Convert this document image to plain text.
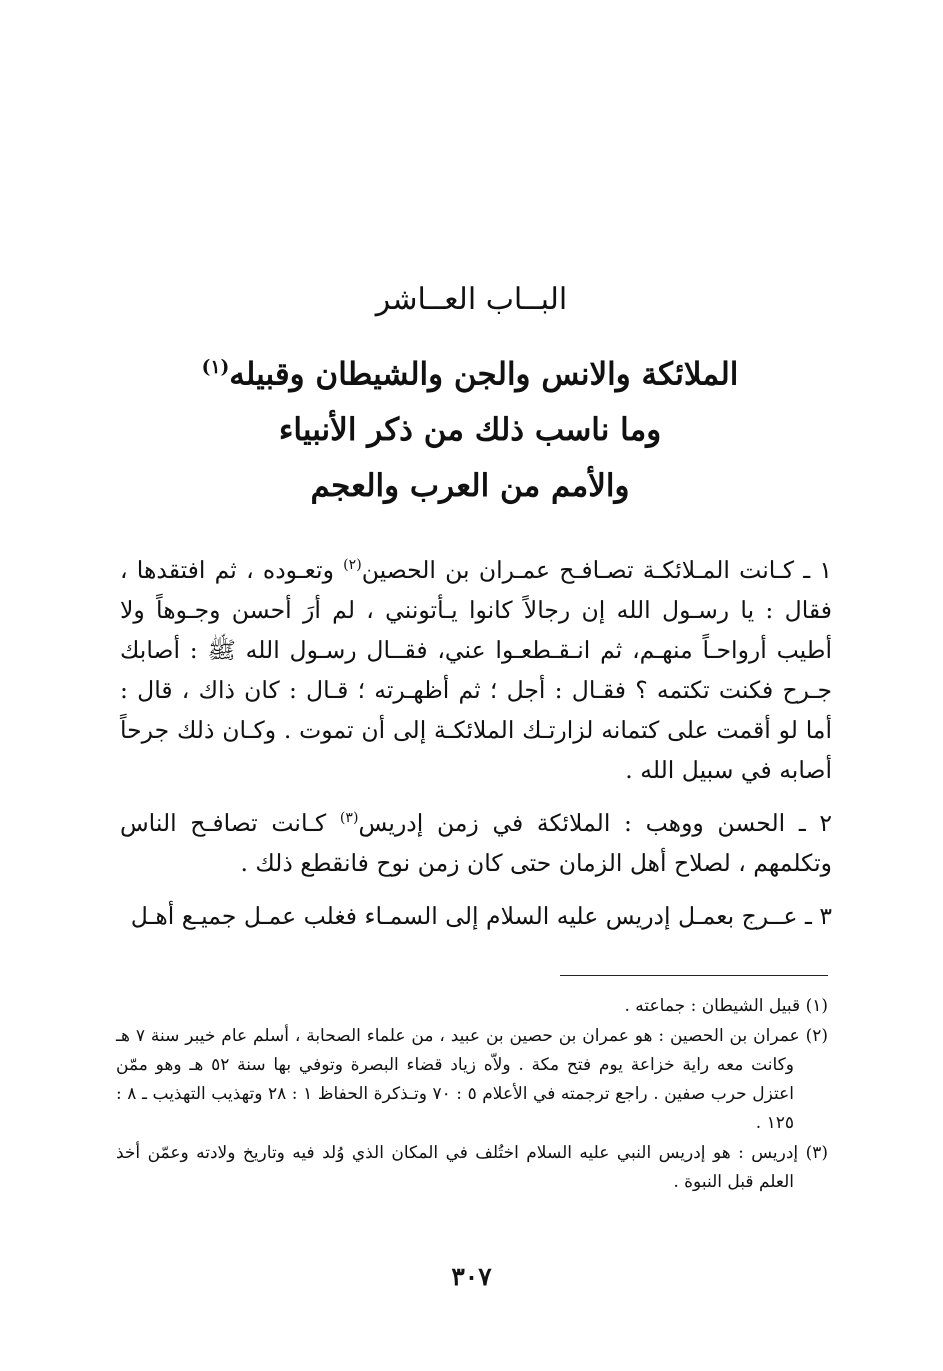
البــاب العــاشر
الملائكة والانس والجن والشيطان وقبيله$^{(١)}$
وما ناسب ذلك من ذكر الأنبياء
والأمم من العرب والعجم

١ ـ كـانت المـلائكـة تصـافـح عمـران بن الحصين$^{(٢)}$ وتعـوده ، ثم افتقدها ، فقال : يا رسـول الله إن رجالاً كانوا يـأتونني ، لم أرَ أحسن وجـوهاً ولا أطيب أرواحـاً منهـم، ثم انـقـطعـوا عني، فقــال رسـول الله ﷺ : أصابك جـرح فكنت تكتمه ؟ فقـال : أجل ؛ ثم أظهـرته ؛ قـال : كان ذاك ، قال : أما لو أقمت على كتمانه لزارتـك الملائكـة إلى أن تموت . وكـان ذلك جرحاً أصابه في سبيل الله .

٢ ـ الحسن ووهب : الملائكة في زمن إدريس$^{(٣)}$ كـانت تصافـح الناس وتكلمهم ، لصلاح أهل الزمان حتى كان زمن نوح فانقطع ذلك .

٣ ـ عــرج بعمـل إدريس عليه السلام إلى السمـاء فغلب عمـل جميـع أهـل

(١) قبيل الشيطان : جماعته .

(٢) عمران بن الحصين : هو عمران بن حصين بن عبيد ، من علماء الصحابة ، أسلم عام خيبر سنة ٧ هـ وكانت معه راية خزاعة يوم فتح مكة . ولاّه زياد قضاء البصرة وتوفي بها سنة ٥٢ هـ وهو ممّن اعتزل حرب صفين . راجع ترجمته في الأعلام ٥ : ٧٠ وتـذكرة الحفاظ ١ : ٢٨ وتهذيب التهذيب ـ ٨ : ١٢٥ .

(٣) إدريس : هو إدريس النبي عليه السلام اختُلف في المكان الذي وُلد فيه وتاريخ ولادته وعمّن أخذ العلم قبل النبوة .

٣٠٧
